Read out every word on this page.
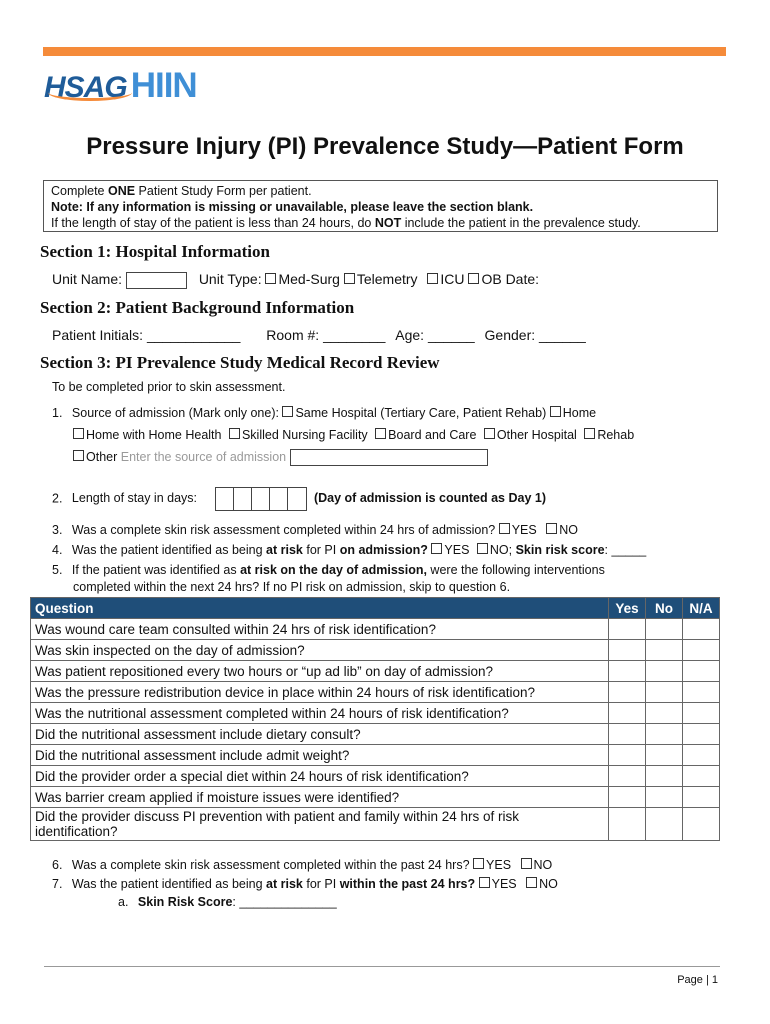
HSAG HIIN
Pressure Injury (PI) Prevalence Study—Patient Form
Complete ONE Patient Study Form per patient.
Note: If any information is missing or unavailable, please leave the section blank.
If the length of stay of the patient is less than 24 hours, do NOT include the patient in the prevalence study.
Section 1: Hospital Information
Unit Name:	Unit Type: Med-Surg Telemetry ICU OB Date:
Section 2: Patient Background Information
Patient Initials: ____________ Room #: ________ Age: ______ Gender: ______
Section 3: PI Prevalence Study Medical Record Review
To be completed prior to skin assessment.
1. Source of admission (Mark only one): Same Hospital (Tertiary Care, Patient Rehab) Home
Home with Home Health Skilled Nursing Facility Board and Care Other Hospital Rehab
Other Enter the source of admission
2. Length of stay in days:	(Day of admission is counted as Day 1)
3. Was a complete skin risk assessment completed within 24 hrs of admission? YES NO
4. Was the patient identified as being at risk for PI on admission? YES NO; Skin risk score: _____
5. If the patient was identified as at risk on the day of admission, were the following interventions
completed within the next 24 hrs? If no PI risk on admission, skip to question 6.
Question	Yes	No	N/A
Was wound care team consulted within 24 hrs of risk identification?			
Was skin inspected on the day of admission?			
Was patient repositioned every two hours or “up ad lib” on day of admission?			
Was the pressure redistribution device in place within 24 hours of risk identification?			
Was the nutritional assessment completed within 24 hours of risk identification?			
Did the nutritional assessment include dietary consult?			
Did the nutritional assessment include admit weight?			
Did the provider order a special diet within 24 hours of risk identification?			
Was barrier cream applied if moisture issues were identified?			
Did the provider discuss PI prevention with patient and family within 24 hrs of risk identification?			
6. Was a complete skin risk assessment completed within the past 24 hrs? YES NO
7. Was the patient identified as being at risk for PI within the past 24 hrs? YES NO
a. Skin Risk Score: ______________
Page | 1
